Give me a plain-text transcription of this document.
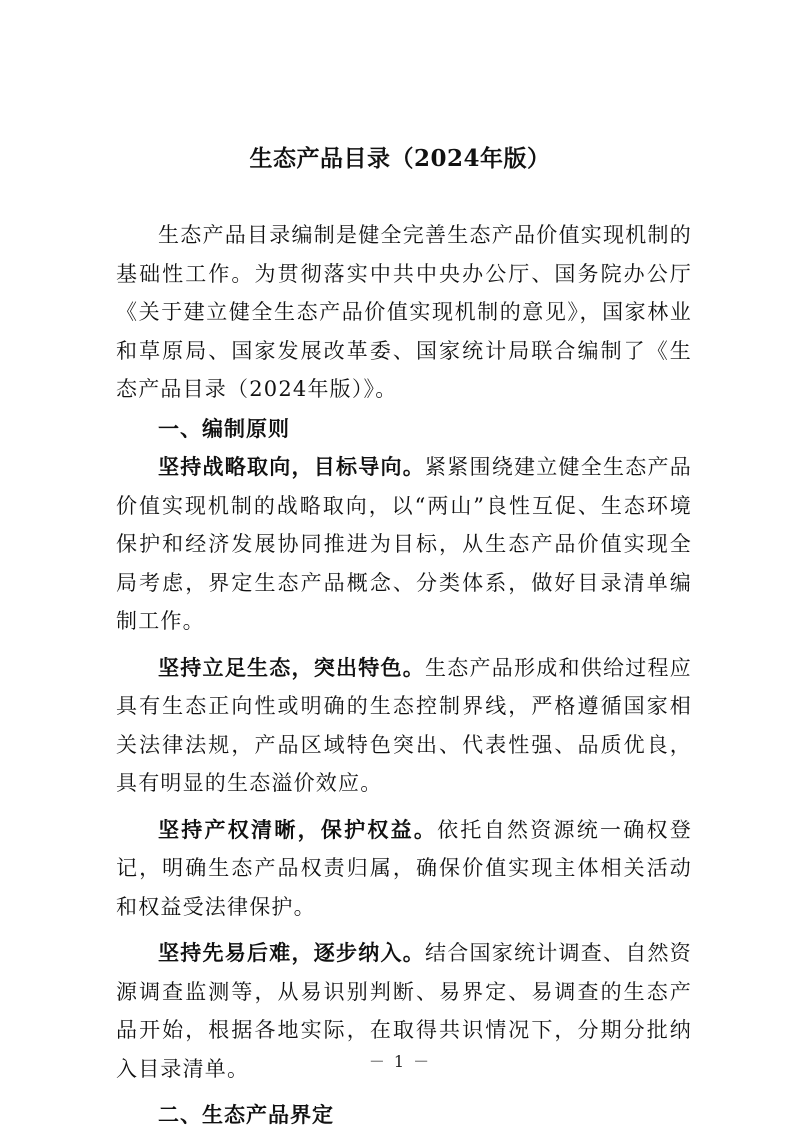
生态产品目录（2024年版）

生态产品目录编制是健全完善生态产品价值实现机制的基础性工作。为贯彻落实中共中央办公厅、国务院办公厅《关于建立健全生态产品价值实现机制的意见》，国家林业和草原局、国家发展改革委、国家统计局联合编制了《生态产品目录（2024年版）》。

一、编制原则

坚持战略取向，目标导向。紧紧围绕建立健全生态产品价值实现机制的战略取向，以“两山”良性互促、生态环境保护和经济发展协同推进为目标，从生态产品价值实现全局考虑，界定生态产品概念、分类体系，做好目录清单编制工作。

坚持立足生态，突出特色。生态产品形成和供给过程应具有生态正向性或明确的生态控制界线，严格遵循国家相关法律法规，产品区域特色突出、代表性强、品质优良，具有明显的生态溢价效应。

坚持产权清晰，保护权益。依托自然资源统一确权登记，明确生态产品权责归属，确保价值实现主体相关活动和权益受法律保护。

坚持先易后难，逐步纳入。结合国家统计调查、自然资源调查监测等，从易识别判断、易界定、易调查的生态产品开始，根据各地实际，在取得共识情况下，分期分批纳入目录清单。

二、生态产品界定

－ 1 －
